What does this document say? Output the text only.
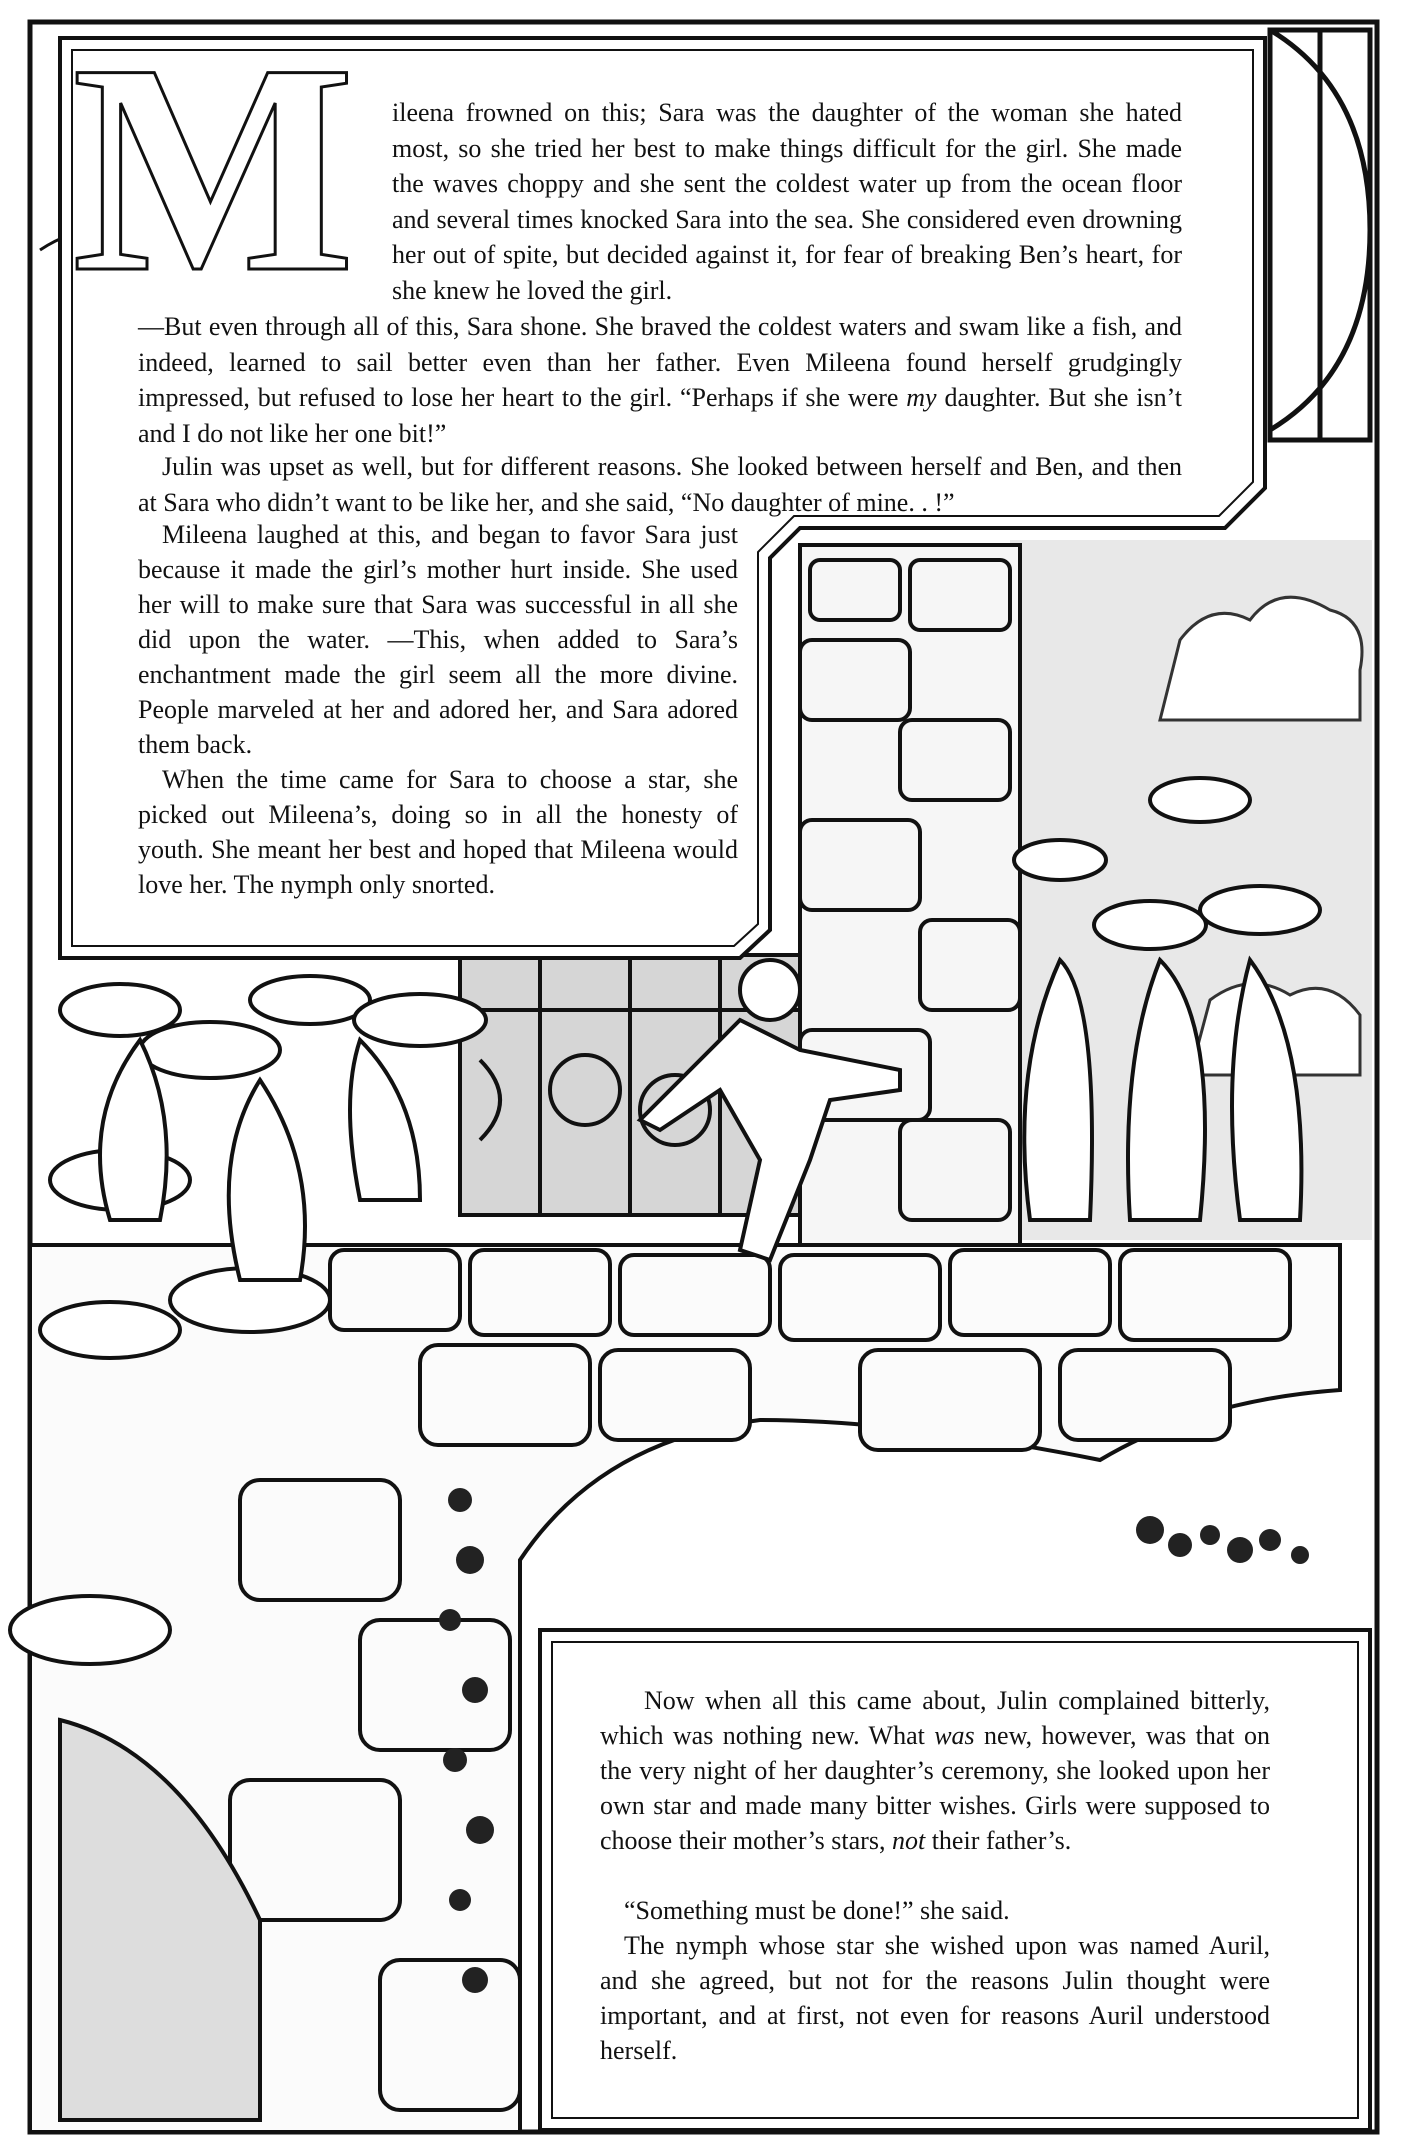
M ileena frowned on this; Sara was the daughter of the woman she hated most, so she tried her best to make things difficult for the girl. She made the waves choppy and she sent the coldest water up from the ocean floor and several times knocked Sara into the sea. She considered even drowning her out of spite, but decided against it, for fear of breaking Ben’s heart, for she knew he loved the girl.

—But even through all of this, Sara shone. She braved the coldest waters and swam like a fish, and indeed, learned to sail better even than her father. Even Mileena found herself grudgingly impressed, but refused to lose her heart to the girl. “Perhaps if she were my daughter. But she isn’t and I do not like her one bit!”

Julin was upset as well, but for different reasons. She looked between herself and Ben, and then at Sara who didn’t want to be like her, and she said, “No daughter of mine. . !”

Mileena laughed at this, and began to favor Sara just because it made the girl’s mother hurt inside. She used her will to make sure that Sara was successful in all she did upon the water. —This, when added to Sara’s enchantment made the girl seem all the more divine. People marveled at her and adored her, and Sara adored them back.

When the time came for Sara to choose a star, she picked out Mileena’s, doing so in all the honesty of youth. She meant her best and hoped that Mileena would love her. The nymph only snorted.

Now when all this came about, Julin complained bitterly, which was nothing new. What was new, however, was that on the very night of her daughter’s ceremony, she looked upon her own star and made many bitter wishes. Girls were supposed to choose their mother’s stars, not their father’s.

“Something must be done!” she said.

The nymph whose star she wished upon was named Auril, and she agreed, but not for the reasons Julin thought were important, and at first, not even for reasons Auril understood herself.
